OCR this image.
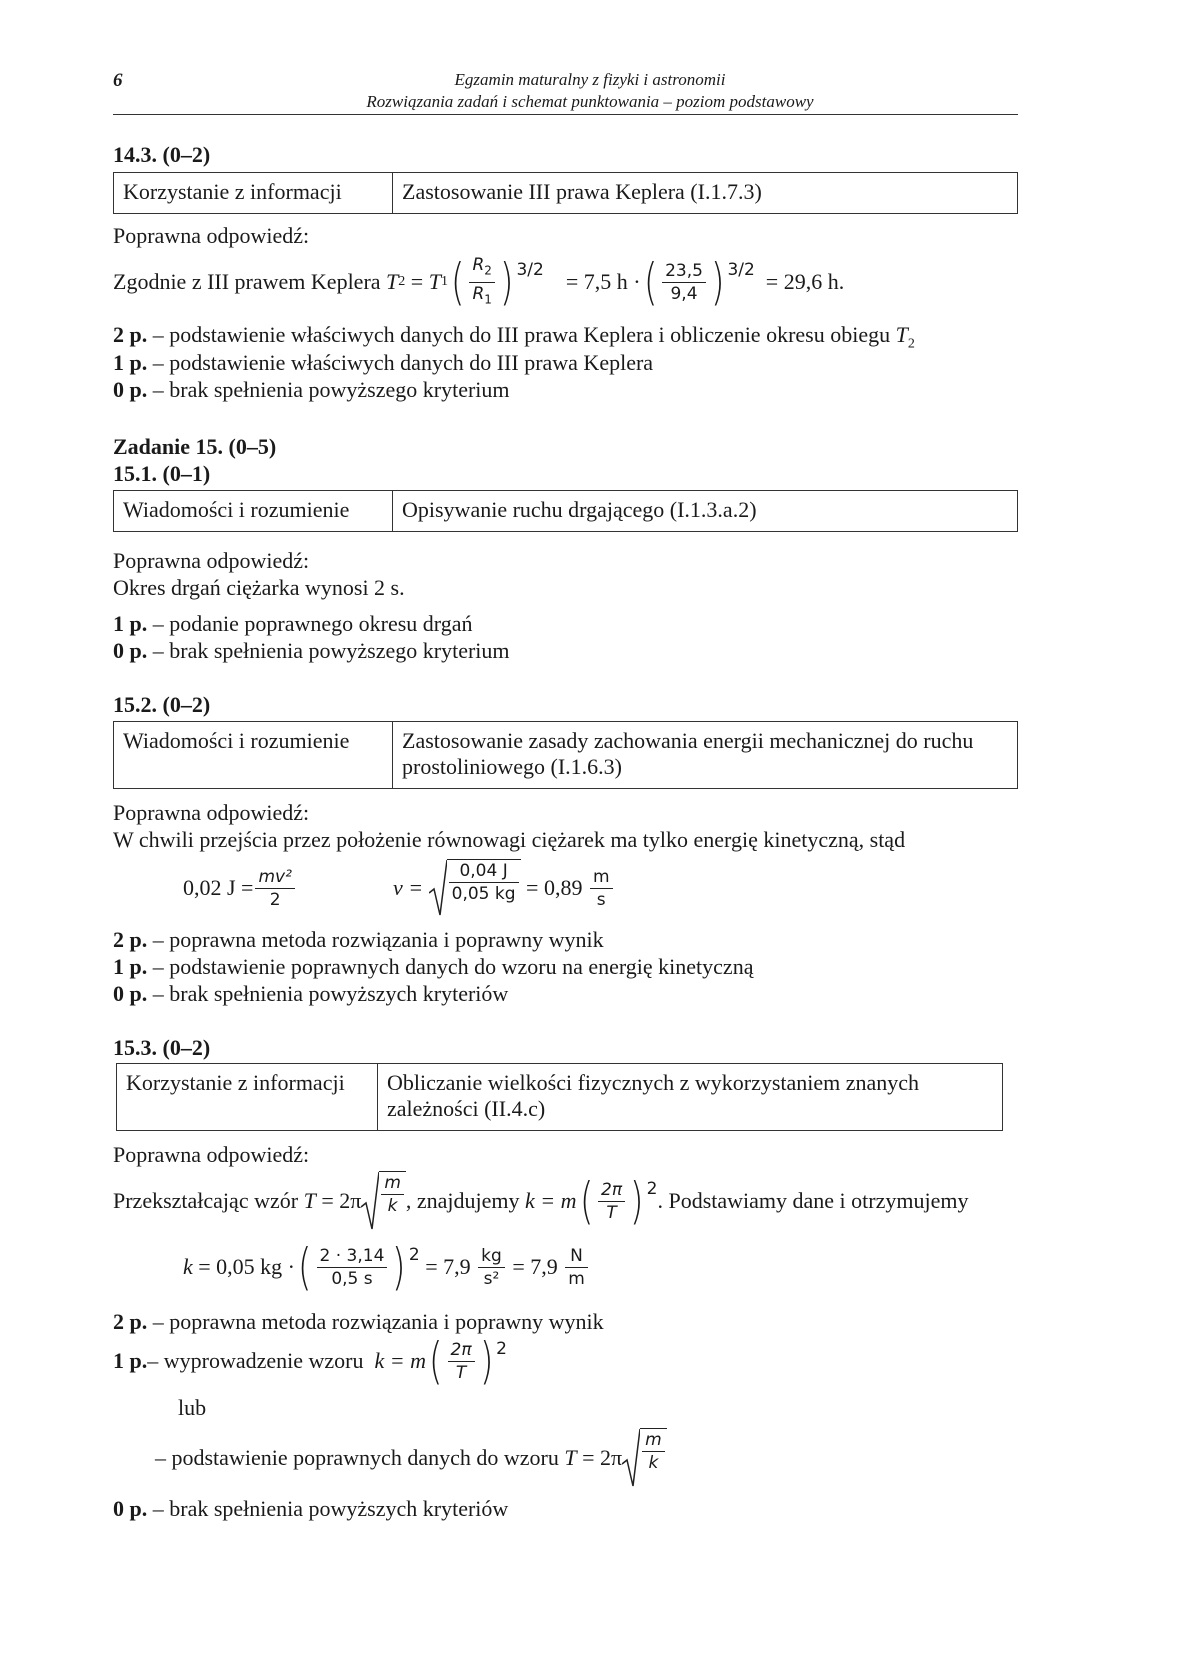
6	Egzamin maturalny z fizyki i astronomii
Rozwiązania zadań i schemat punktowania – poziom podstawowy
14.3. (0–2)
Korzystanie z informacji	Zastosowanie III prawa Keplera (I.1.7.3)
Poprawna odpowiedź:
Zgodnie z III prawem Keplera
T 2
=
T 1 ( $\frac{R_2}{R_1}$ ) 3/2
= 7,5 h · ( $\frac{23,5}{9,4}$ ) 3/2
= 29,6 h.
2 p. – podstawienie właściwych danych do III prawa Keplera i obliczenie okresu obiegu $T_2$
1 p. – podstawienie właściwych danych do III prawa Keplera
0 p. – brak spełnienia powyższego kryterium
Zadanie 15. (0–5)
15.1. (0–1)
Wiadomości i rozumienie	Opisywanie ruchu drgającego (I.1.3.a.2)
Poprawna odpowiedź:
Okres drgań ciężarka wynosi 2 s.
1 p. – podanie poprawnego okresu drgań
0 p. – brak spełnienia powyższego kryterium
15.2. (0–2)
Wiadomości i rozumienie	Zastosowanie zasady zachowania energii mechanicznej do ruchu prostoliniowego (I.1.6.3)
Poprawna odpowiedź:
W chwili przejścia przez położenie równowagi ciężarek ma tylko energię kinetyczną, stąd
0,02 $J = \frac{\text{mv²}}{2}$	v =
$\frac{0,04 J}{0,05 kg}$
= 0,89
$\frac{m}{s}$
2 p. – poprawna metoda rozwiązania i poprawny wynik
1 p. – podstawienie poprawnych danych do wzoru na energię kinetyczną
0 p. – brak spełnienia powyższych kryteriów
15.3. (0–2)
Korzystanie z informacji	Obliczanie wielkości fizycznych z wykorzystaniem znanych zależności (II.4.c)
Poprawna odpowiedź:
Przekształcając wzór
T
= $2\pi \frac{m}{k}$ , znajdujemy
k
= m ( $\frac{2\pi}{T}$ ) 2 . Podstawiamy dane i otrzymujemy
k
= 0,05 kg · ( $\frac{2 \cdot 3,14}{0,5 s}$ ) 2
= 7,9
$\frac{kg}{\text{s²}}$
= 7,9
$\frac{N}{m}$
2 p. – poprawna metoda rozwiązania i poprawny wynik
1 p. – wyprowadzenie wzoru
k
= m ( $\frac{2\pi}{T}$ ) 2
lub
– podstawienie poprawnych danych do wzoru
T
= $2\pi \frac{m}{k}$
0 p. – brak spełnienia powyższych kryteriów
